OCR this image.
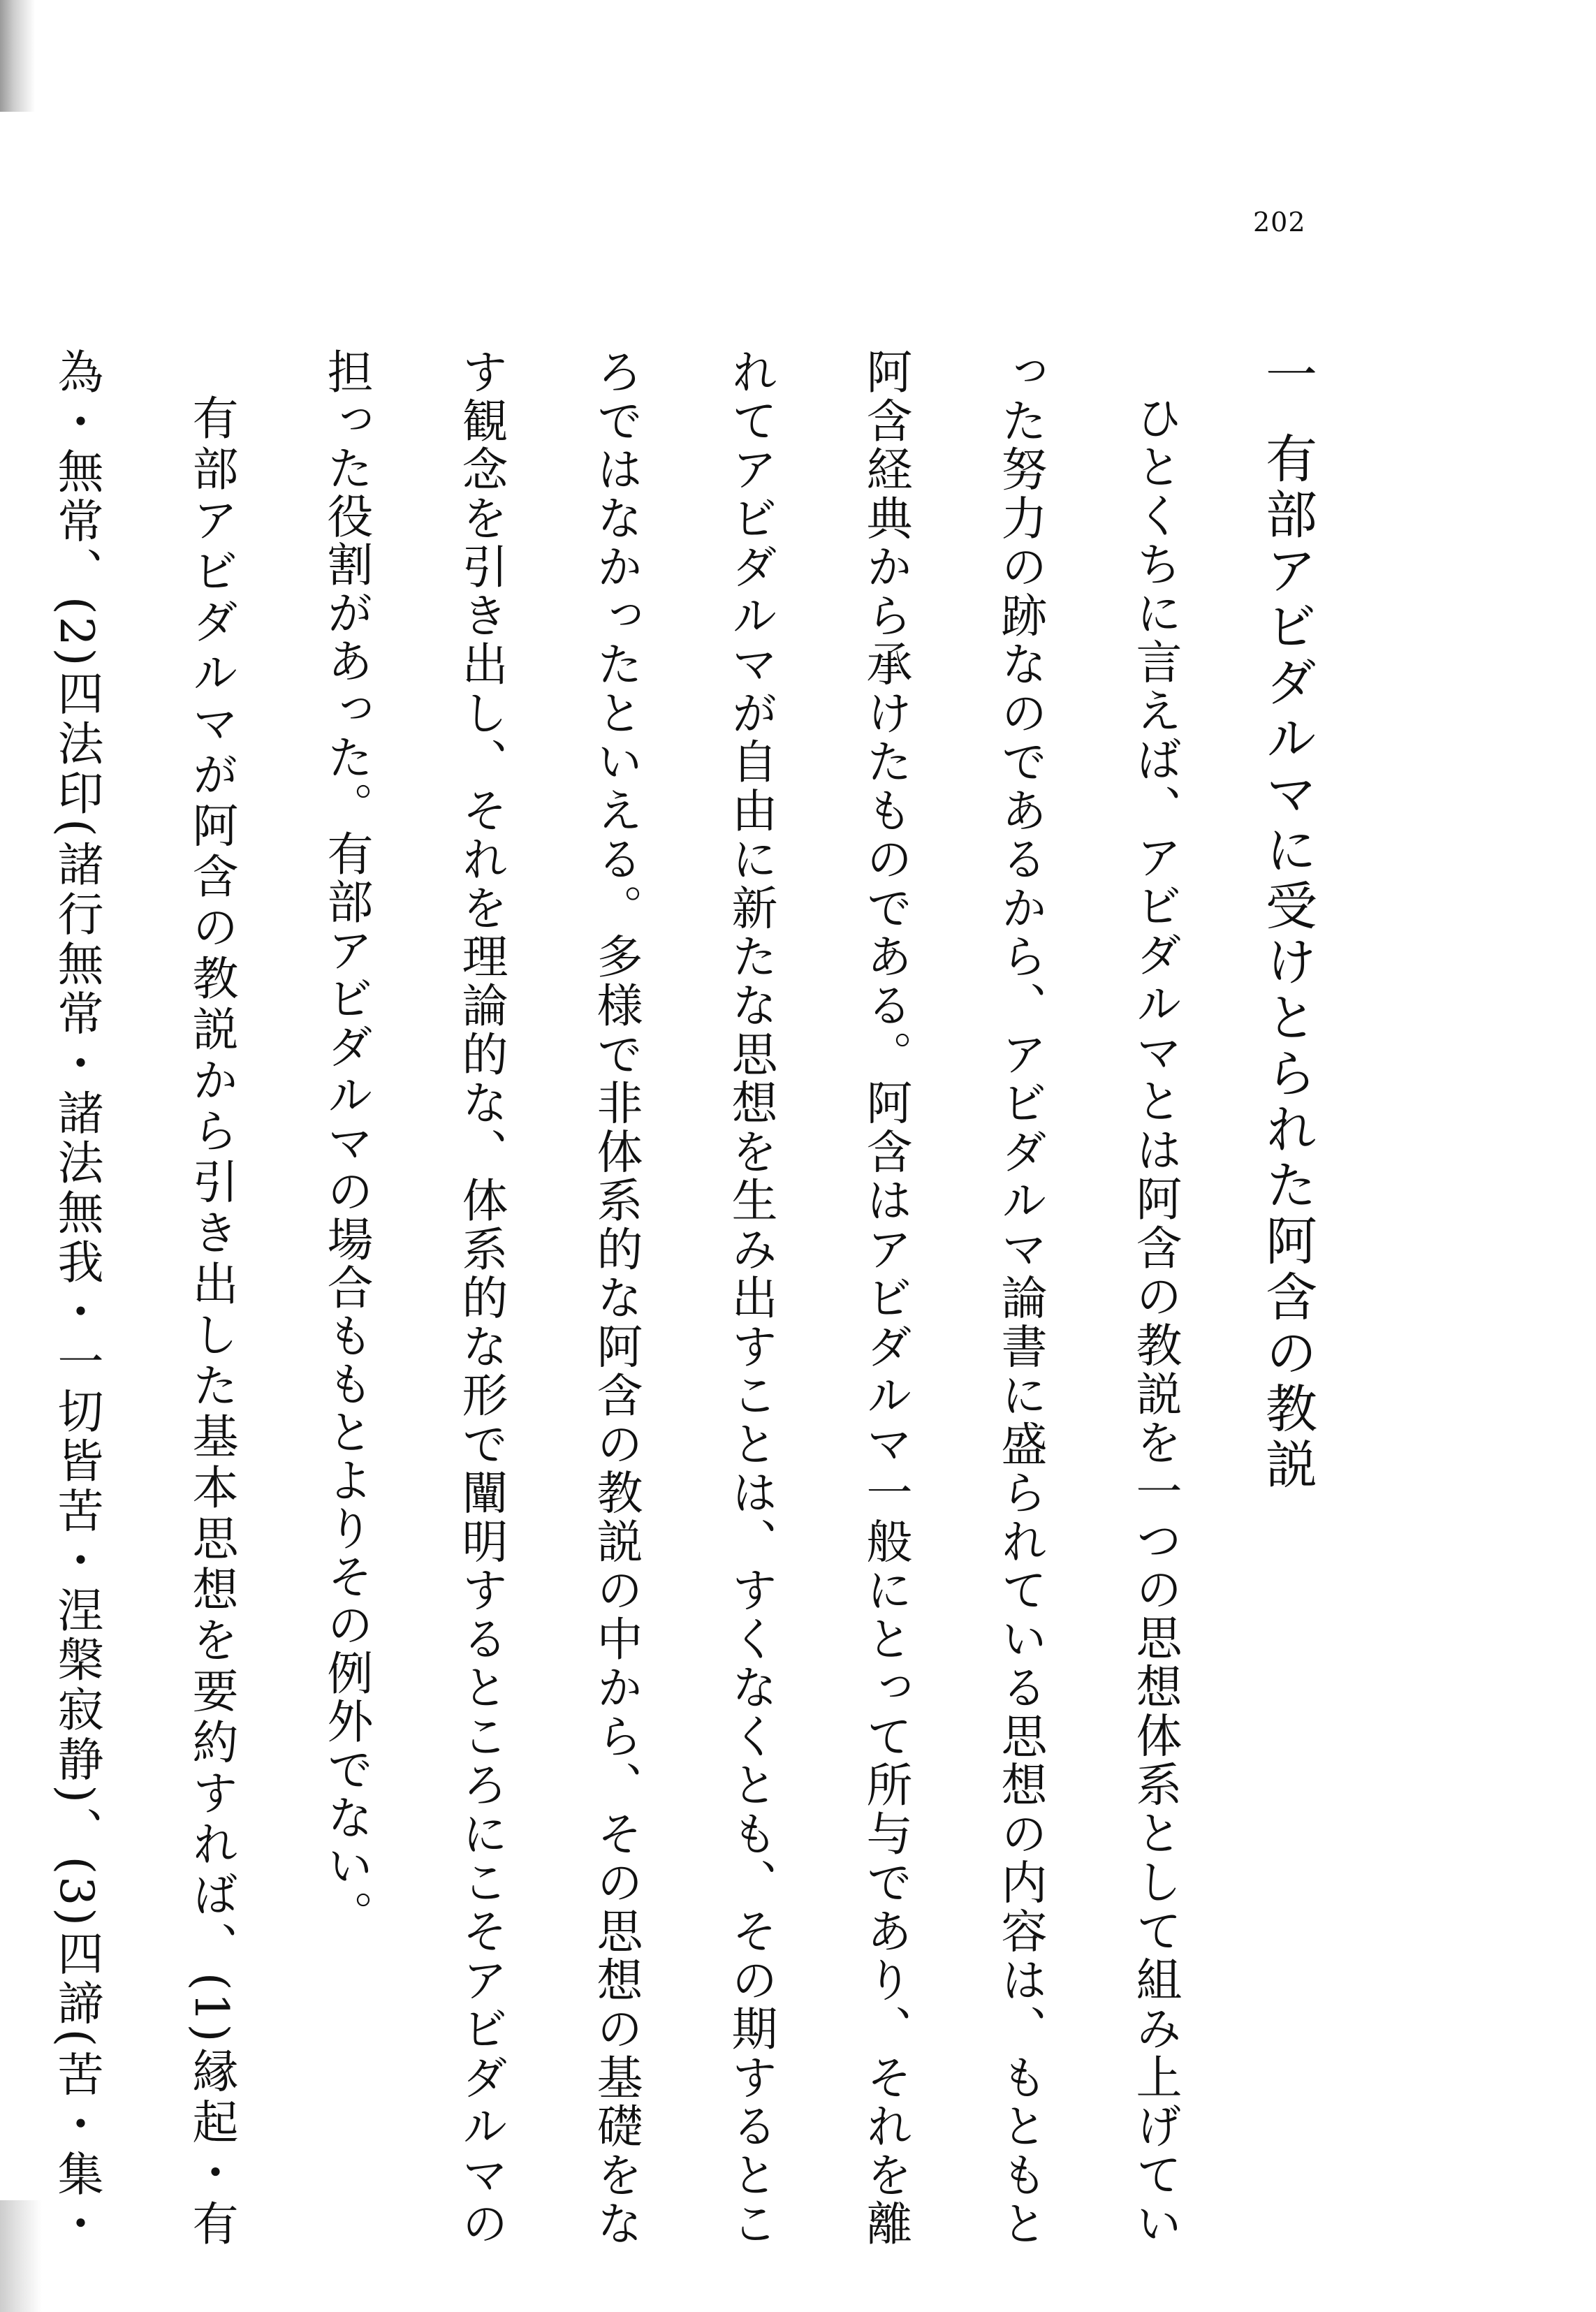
202
一有部アビダルマに受けとられた阿含の教説

ひとくちに言えば、アビダルマとは阿含の教説を一つの思想体系として組み上げていった努力の跡なのであるから、アビダルマ論書に盛られている思想の内容は、もともと阿含経典から承けたものである。阿含はアビダルマ一般にとって所与であり、それを離れてアビダルマが自由に新たな思想を生み出すことは、すくなくとも、その期するところではなかったといえる。多様で非体系的な阿含の教説の中から、その思想の基礎をなす観念を引き出し、それを理論的な、体系的な形で闡明するところにこそアビダルマの担った役割があった。有部アビダルマの場合ももとよりその例外でない。

有部アビダルマが阿含の教説から引き出した基本思想を要約すれば、(1)縁起・有為・無常、(2)四法印(諸行無常・諸法無我・一切皆苦・涅槃寂静)、(3)四諦(苦・集・
